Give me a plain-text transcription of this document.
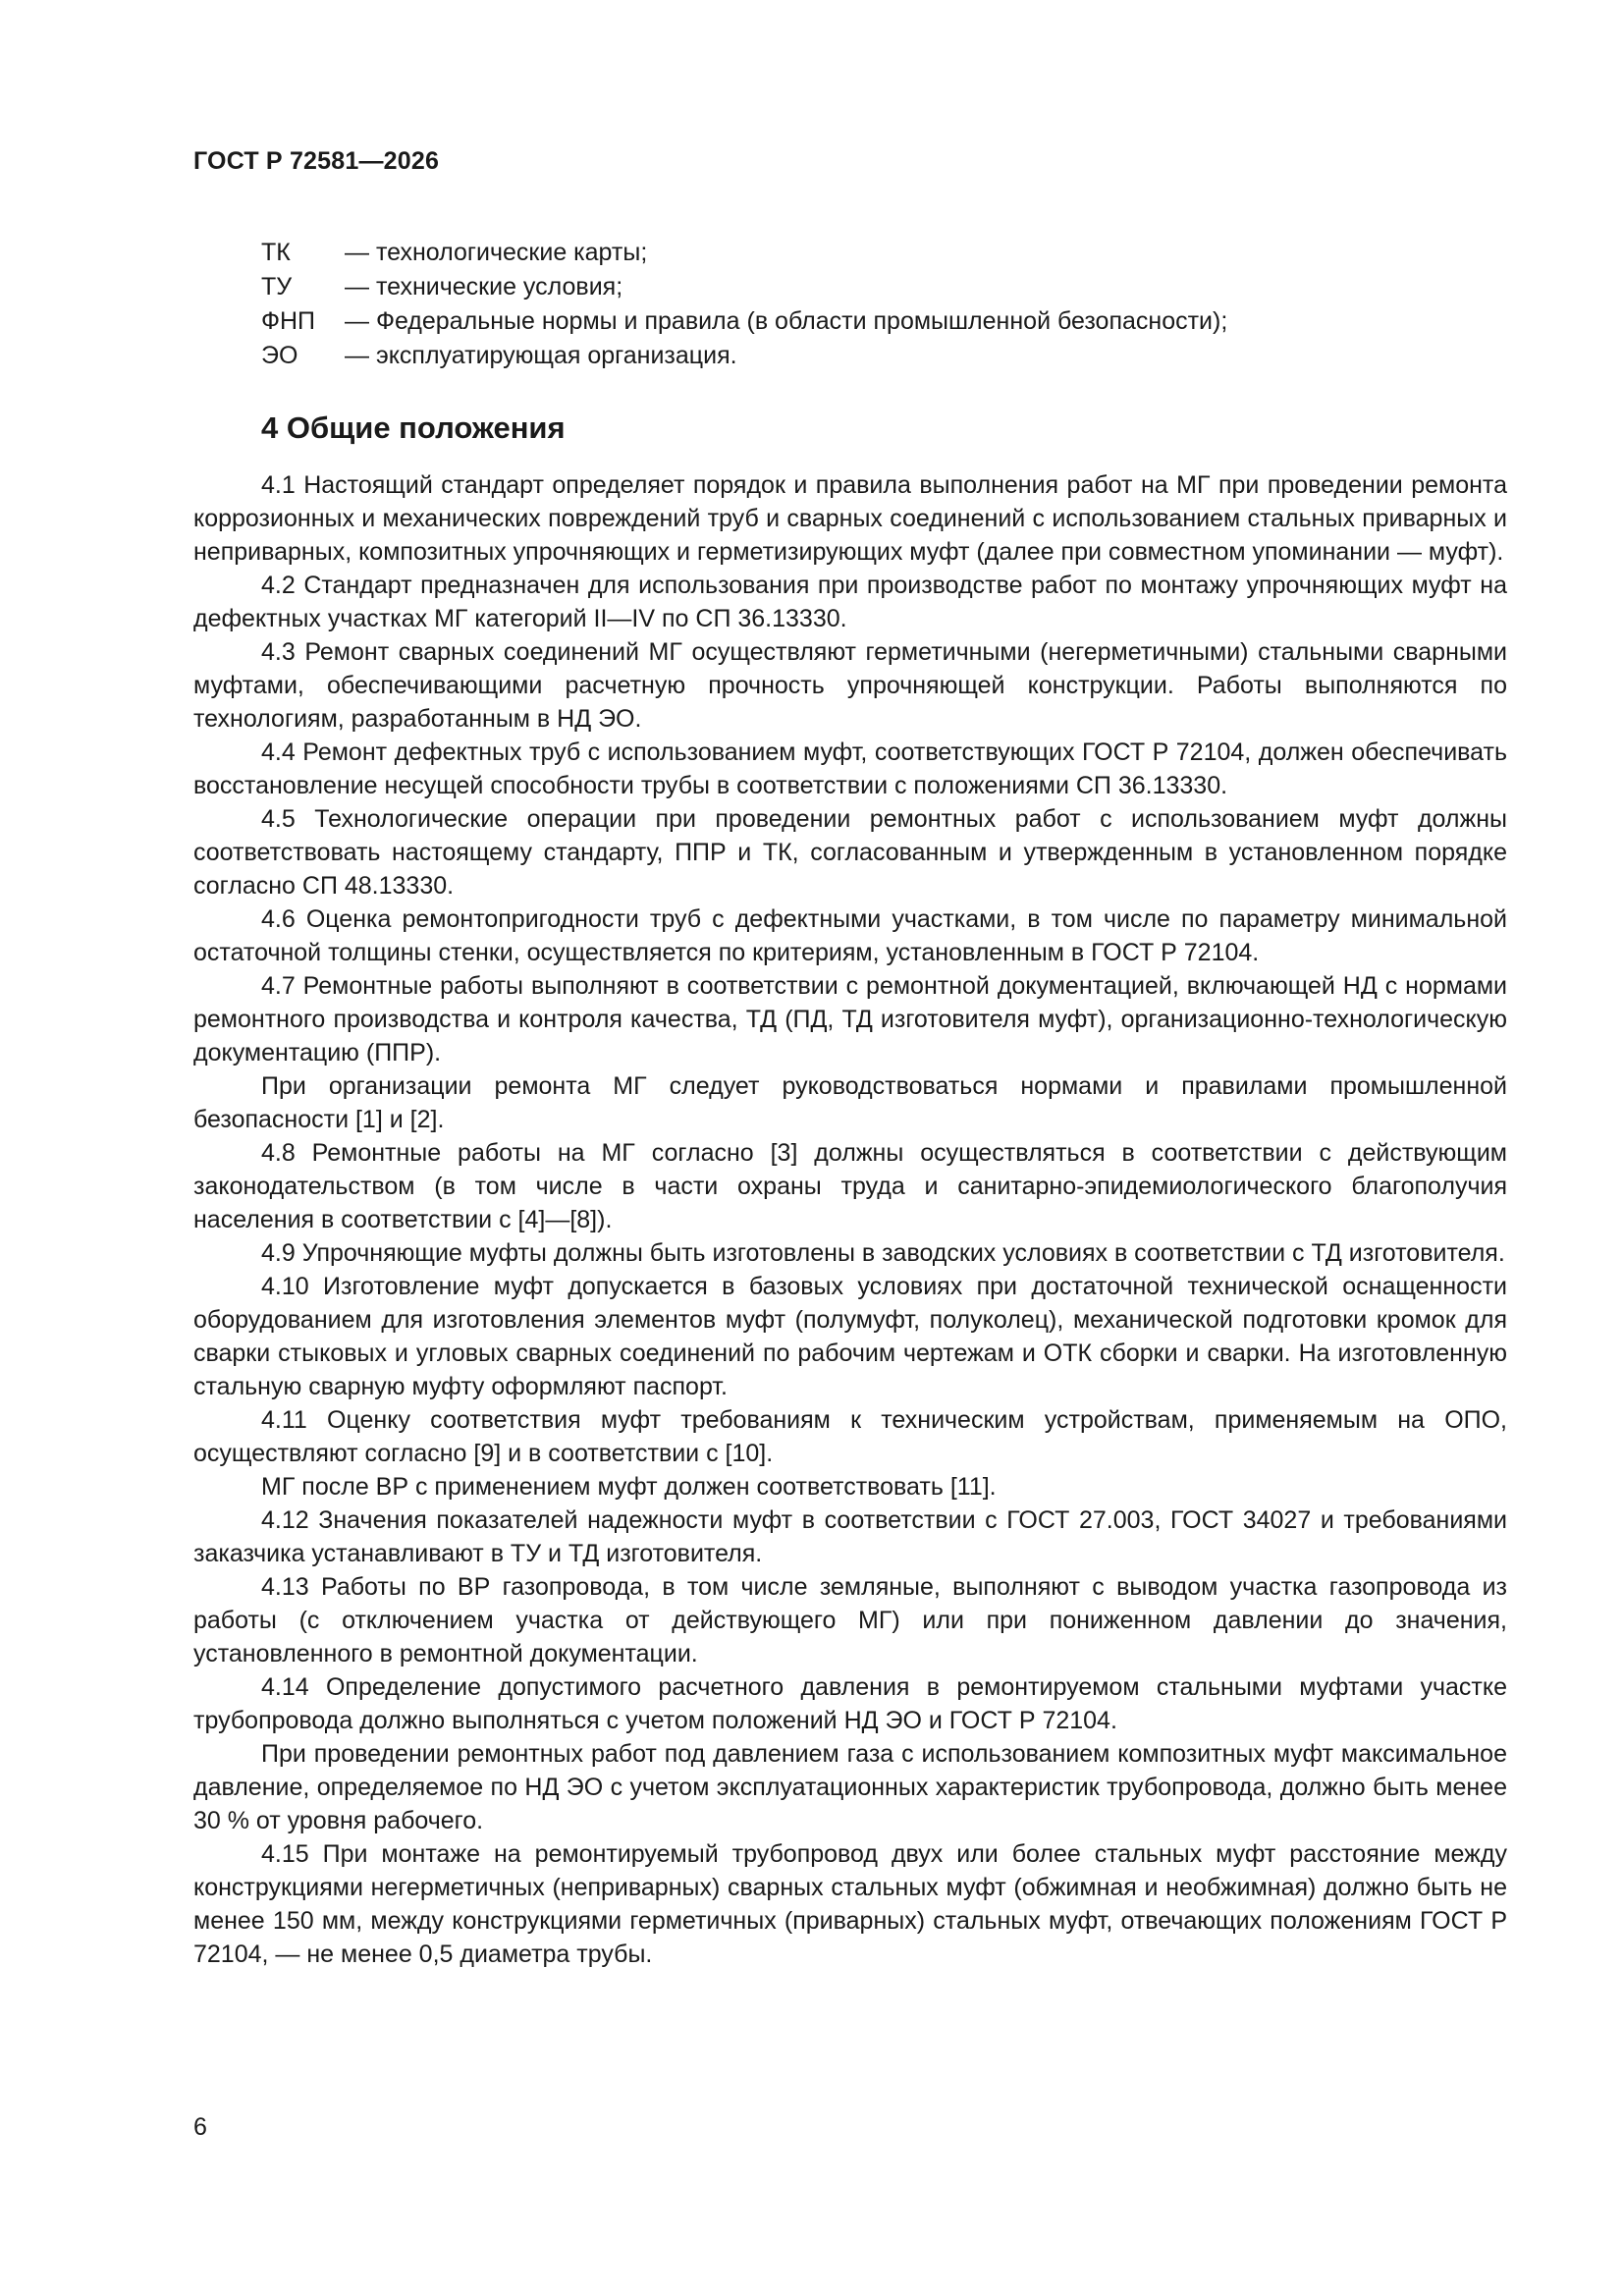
ГОСТ Р 72581—2026
ТК	— технологические карты;
ТУ	— технические условия;
ФНП	— Федеральные нормы и правила (в области промышленной безопасности);
ЭО	— эксплуатирующая организация.
4 Общие положения

4.1 Настоящий стандарт определяет порядок и правила выполнения работ на МГ при проведении ремонта коррозионных и механических повреждений труб и сварных соединений с использованием стальных приварных и неприварных, композитных упрочняющих и герметизирующих муфт (далее при совместном упоминании — муфт).

4.2 Стандарт предназначен для использования при производстве работ по монтажу упрочняющих муфт на дефектных участках МГ категорий II—IV по СП 36.13330.

4.3 Ремонт сварных соединений МГ осуществляют герметичными (негерметичными) стальными сварными муфтами, обеспечивающими расчетную прочность упрочняющей конструкции. Работы выполняются по технологиям, разработанным в НД ЭО.

4.4 Ремонт дефектных труб с использованием муфт, соответствующих ГОСТ Р 72104, должен обеспечивать восстановление несущей способности трубы в соответствии с положениями СП 36.13330.

4.5 Технологические операции при проведении ремонтных работ с использованием муфт должны соответствовать настоящему стандарту, ППР и ТК, согласованным и утвержденным в установленном порядке согласно СП 48.13330.

4.6 Оценка ремонтопригодности труб с дефектными участками, в том числе по параметру минимальной остаточной толщины стенки, осуществляется по критериям, установленным в ГОСТ Р 72104.

4.7 Ремонтные работы выполняют в соответствии с ремонтной документацией, включающей НД с нормами ремонтного производства и контроля качества, ТД (ПД, ТД изготовителя муфт), организационно-технологическую документацию (ППР).

При организации ремонта МГ следует руководствоваться нормами и правилами промышленной безопасности [1] и [2].

4.8 Ремонтные работы на МГ согласно [3] должны осуществляться в соответствии с действующим законодательством (в том числе в части охраны труда и санитарно-эпидемиологического благополучия населения в соответствии с [4]—[8]).

4.9 Упрочняющие муфты должны быть изготовлены в заводских условиях в соответствии с ТД изготовителя.

4.10 Изготовление муфт допускается в базовых условиях при достаточной технической оснащенности оборудованием для изготовления элементов муфт (полумуфт, полуколец), механической подготовки кромок для сварки стыковых и угловых сварных соединений по рабочим чертежам и ОТК сборки и сварки. На изготовленную стальную сварную муфту оформляют паспорт.

4.11 Оценку соответствия муфт требованиям к техническим устройствам, применяемым на ОПО, осуществляют согласно [9] и в соответствии с [10].

МГ после ВР с применением муфт должен соответствовать [11].

4.12 Значения показателей надежности муфт в соответствии с ГОСТ 27.003, ГОСТ 34027 и требованиями заказчика устанавливают в ТУ и ТД изготовителя.

4.13 Работы по ВР газопровода, в том числе земляные, выполняют с выводом участка газопровода из работы (с отключением участка от действующего МГ) или при пониженном давлении до значения, установленного в ремонтной документации.

4.14 Определение допустимого расчетного давления в ремонтируемом стальными муфтами участке трубопровода должно выполняться с учетом положений НД ЭО и ГОСТ Р 72104.

При проведении ремонтных работ под давлением газа с использованием композитных муфт максимальное давление, определяемое по НД ЭО с учетом эксплуатационных характеристик трубопровода, должно быть менее 30 % от уровня рабочего.

4.15 При монтаже на ремонтируемый трубопровод двух или более стальных муфт расстояние между конструкциями негерметичных (неприварных) сварных стальных муфт (обжимная и необжимная) должно быть не менее 150 мм, между конструкциями герметичных (приварных) стальных муфт, отвечающих положениям ГОСТ Р 72104, — не менее 0,5 диаметра трубы.

6
